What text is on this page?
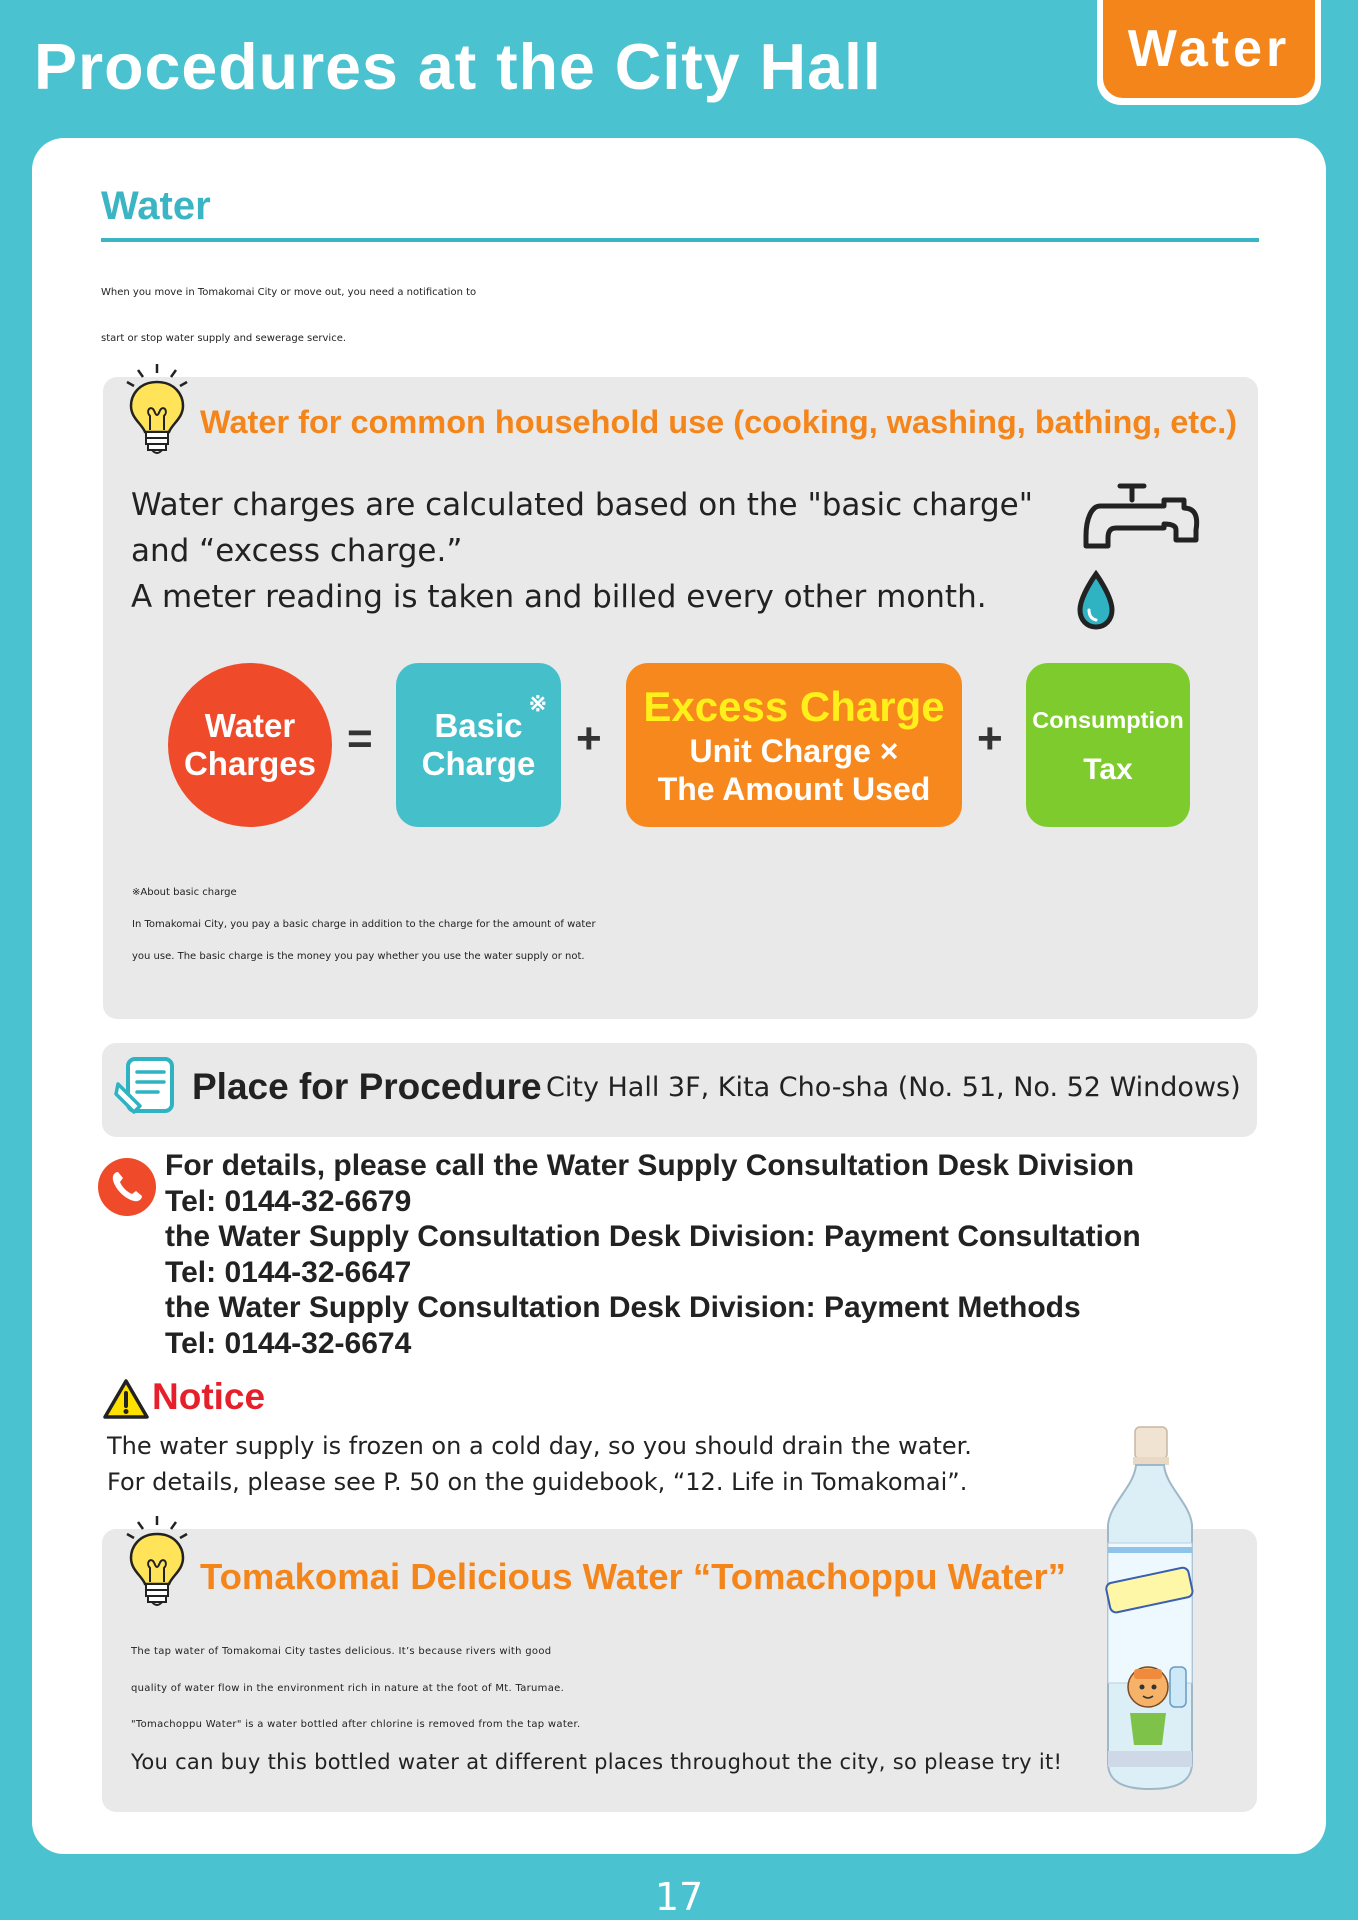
Procedures at the City Hall	Water
Water
When you move in Tomakomai City or move out, you need a notification to
start or stop water supply and sewerage service.
Water for common household use (cooking, washing, bathing, etc.)
Water charges are calculated based on the "basic charge"
and “excess charge.”
A meter reading is taken and billed every other month.
Water
Charges
= Basic
Charge
※
+
Excess Charge
Unit Charge ×
The Amount Used
+ Consumption
Tax
※About basic charge
In Tomakomai City, you pay a basic charge in addition to the charge for the amount of water
you use. The basic charge is the money you pay whether you use the water supply or not.
Place for Procedure City Hall 3F, Kita Cho-sha (No. 51, No. 52 Windows)
For details, please call the Water Supply Consultation Desk Division
Tel: 0144-32-6679
the Water Supply Consultation Desk Division: Payment Consultation
Tel: 0144-32-6647
the Water Supply Consultation Desk Division: Payment Methods
Tel: 0144-32-6674
Notice
The water supply is frozen on a cold day, so you should drain the water.
For details, please see P. 50 on the guidebook, “12. Life in Tomakomai”.
Tomakomai Delicious Water “Tomachoppu Water”
The tap water of Tomakomai City tastes delicious. It’s because rivers with good
quality of water flow in the environment rich in nature at the foot of Mt. Tarumae.
"Tomachoppu Water" is a water bottled after chlorine is removed from the tap water.
You can buy this bottled water at different places throughout the city, so please try it!
17
